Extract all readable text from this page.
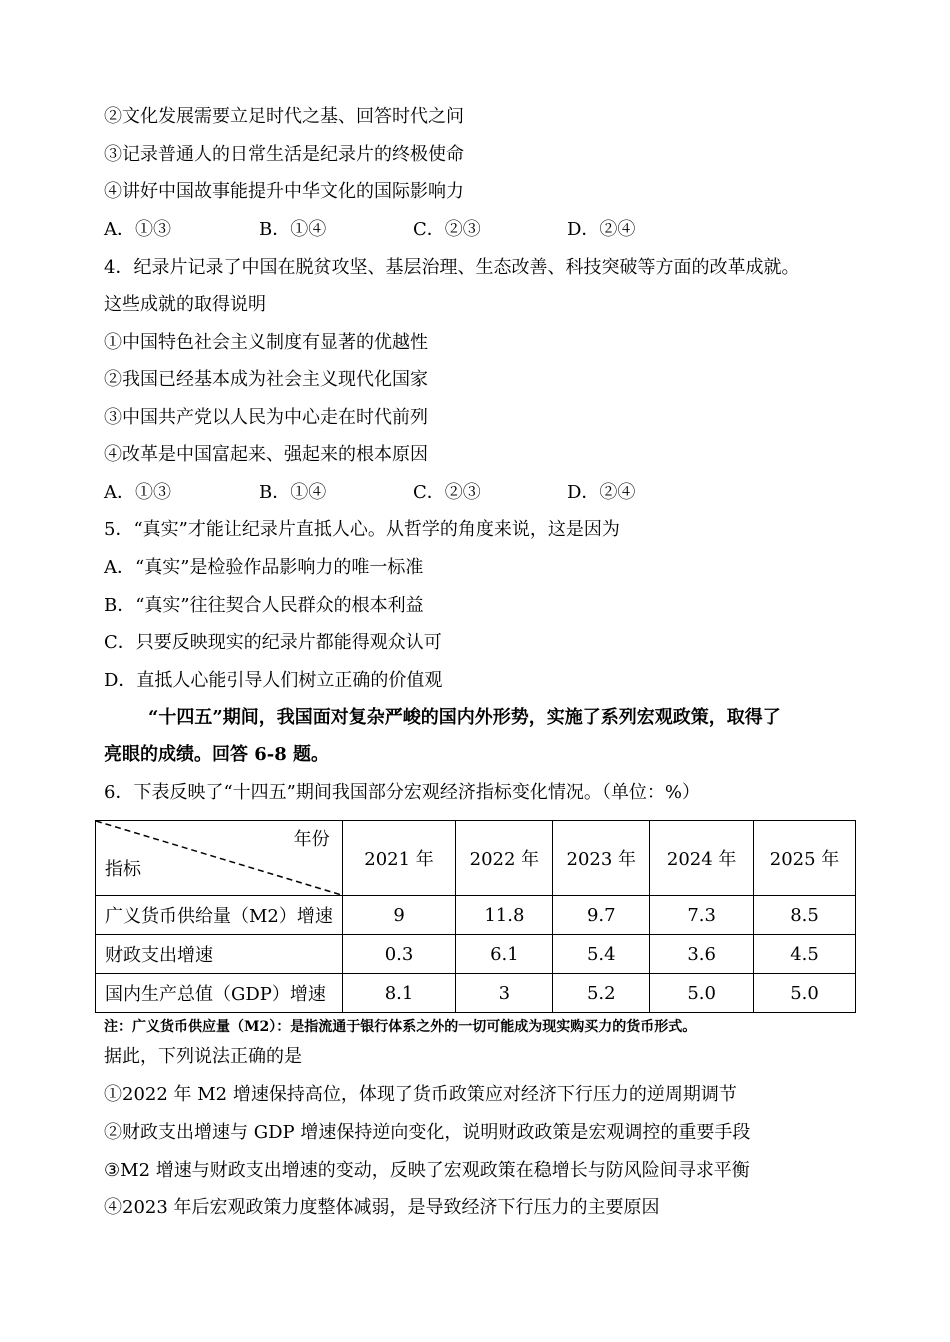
②文化发展需要立足时代之基、回答时代之问
③记录普通人的日常生活是纪录片的终极使命
④讲好中国故事能提升中华文化的国际影响力
A．①③	B．①④	C．②③	D．②④
4．纪录片记录了中国在脱贫攻坚、基层治理、生态改善、科技突破等方面的改革成就。
这些成就的取得说明
①中国特色社会主义制度有显著的优越性
②我国已经基本成为社会主义现代化国家
③中国共产党以人民为中心走在时代前列
④改革是中国富起来、强起来的根本原因
A．①③	B．①④	C．②③	D．②④
5．“真实”才能让纪录片直抵人心。从哲学的角度来说，这是因为
A．“真实”是检验作品影响力的唯一标准
B．“真实”往往契合人民群众的根本利益
C．只要反映现实的纪录片都能得观众认可
D．直抵人心能引导人们树立正确的价值观
“十四五”期间，我国面对复杂严峻的国内外形势，实施了系列宏观政策，取得了
亮眼的成绩。回答 6-8 题。
6．下表反映了“十四五”期间我国部分宏观经济指标变化情况。（单位：%）
年份
指标	2021 年	2022 年	2023 年	2024 年	2025 年
广义货币供给量（M2）增速	9	11.8	9.7	7.3	8.5
财政支出增速	0.3	6.1	5.4	3.6	4.5
国内生产总值（GDP）增速	8.1	3	5.2	5.0	5.0
注：广义货币供应量（M2）：是指流通于银行体系之外的一切可能成为现实购买力的货币形式。
据此，下列说法正确的是
①2022 年 M2 增速保持高位，体现了货币政策应对经济下行压力的逆周期调节
②财政支出增速与 GDP 增速保持逆向变化，说明财政政策是宏观调控的重要手段
③M2 增速与财政支出增速的变动，反映了宏观政策在稳增长与防风险间寻求平衡
④2023 年后宏观政策力度整体减弱，是导致经济下行压力的主要原因
